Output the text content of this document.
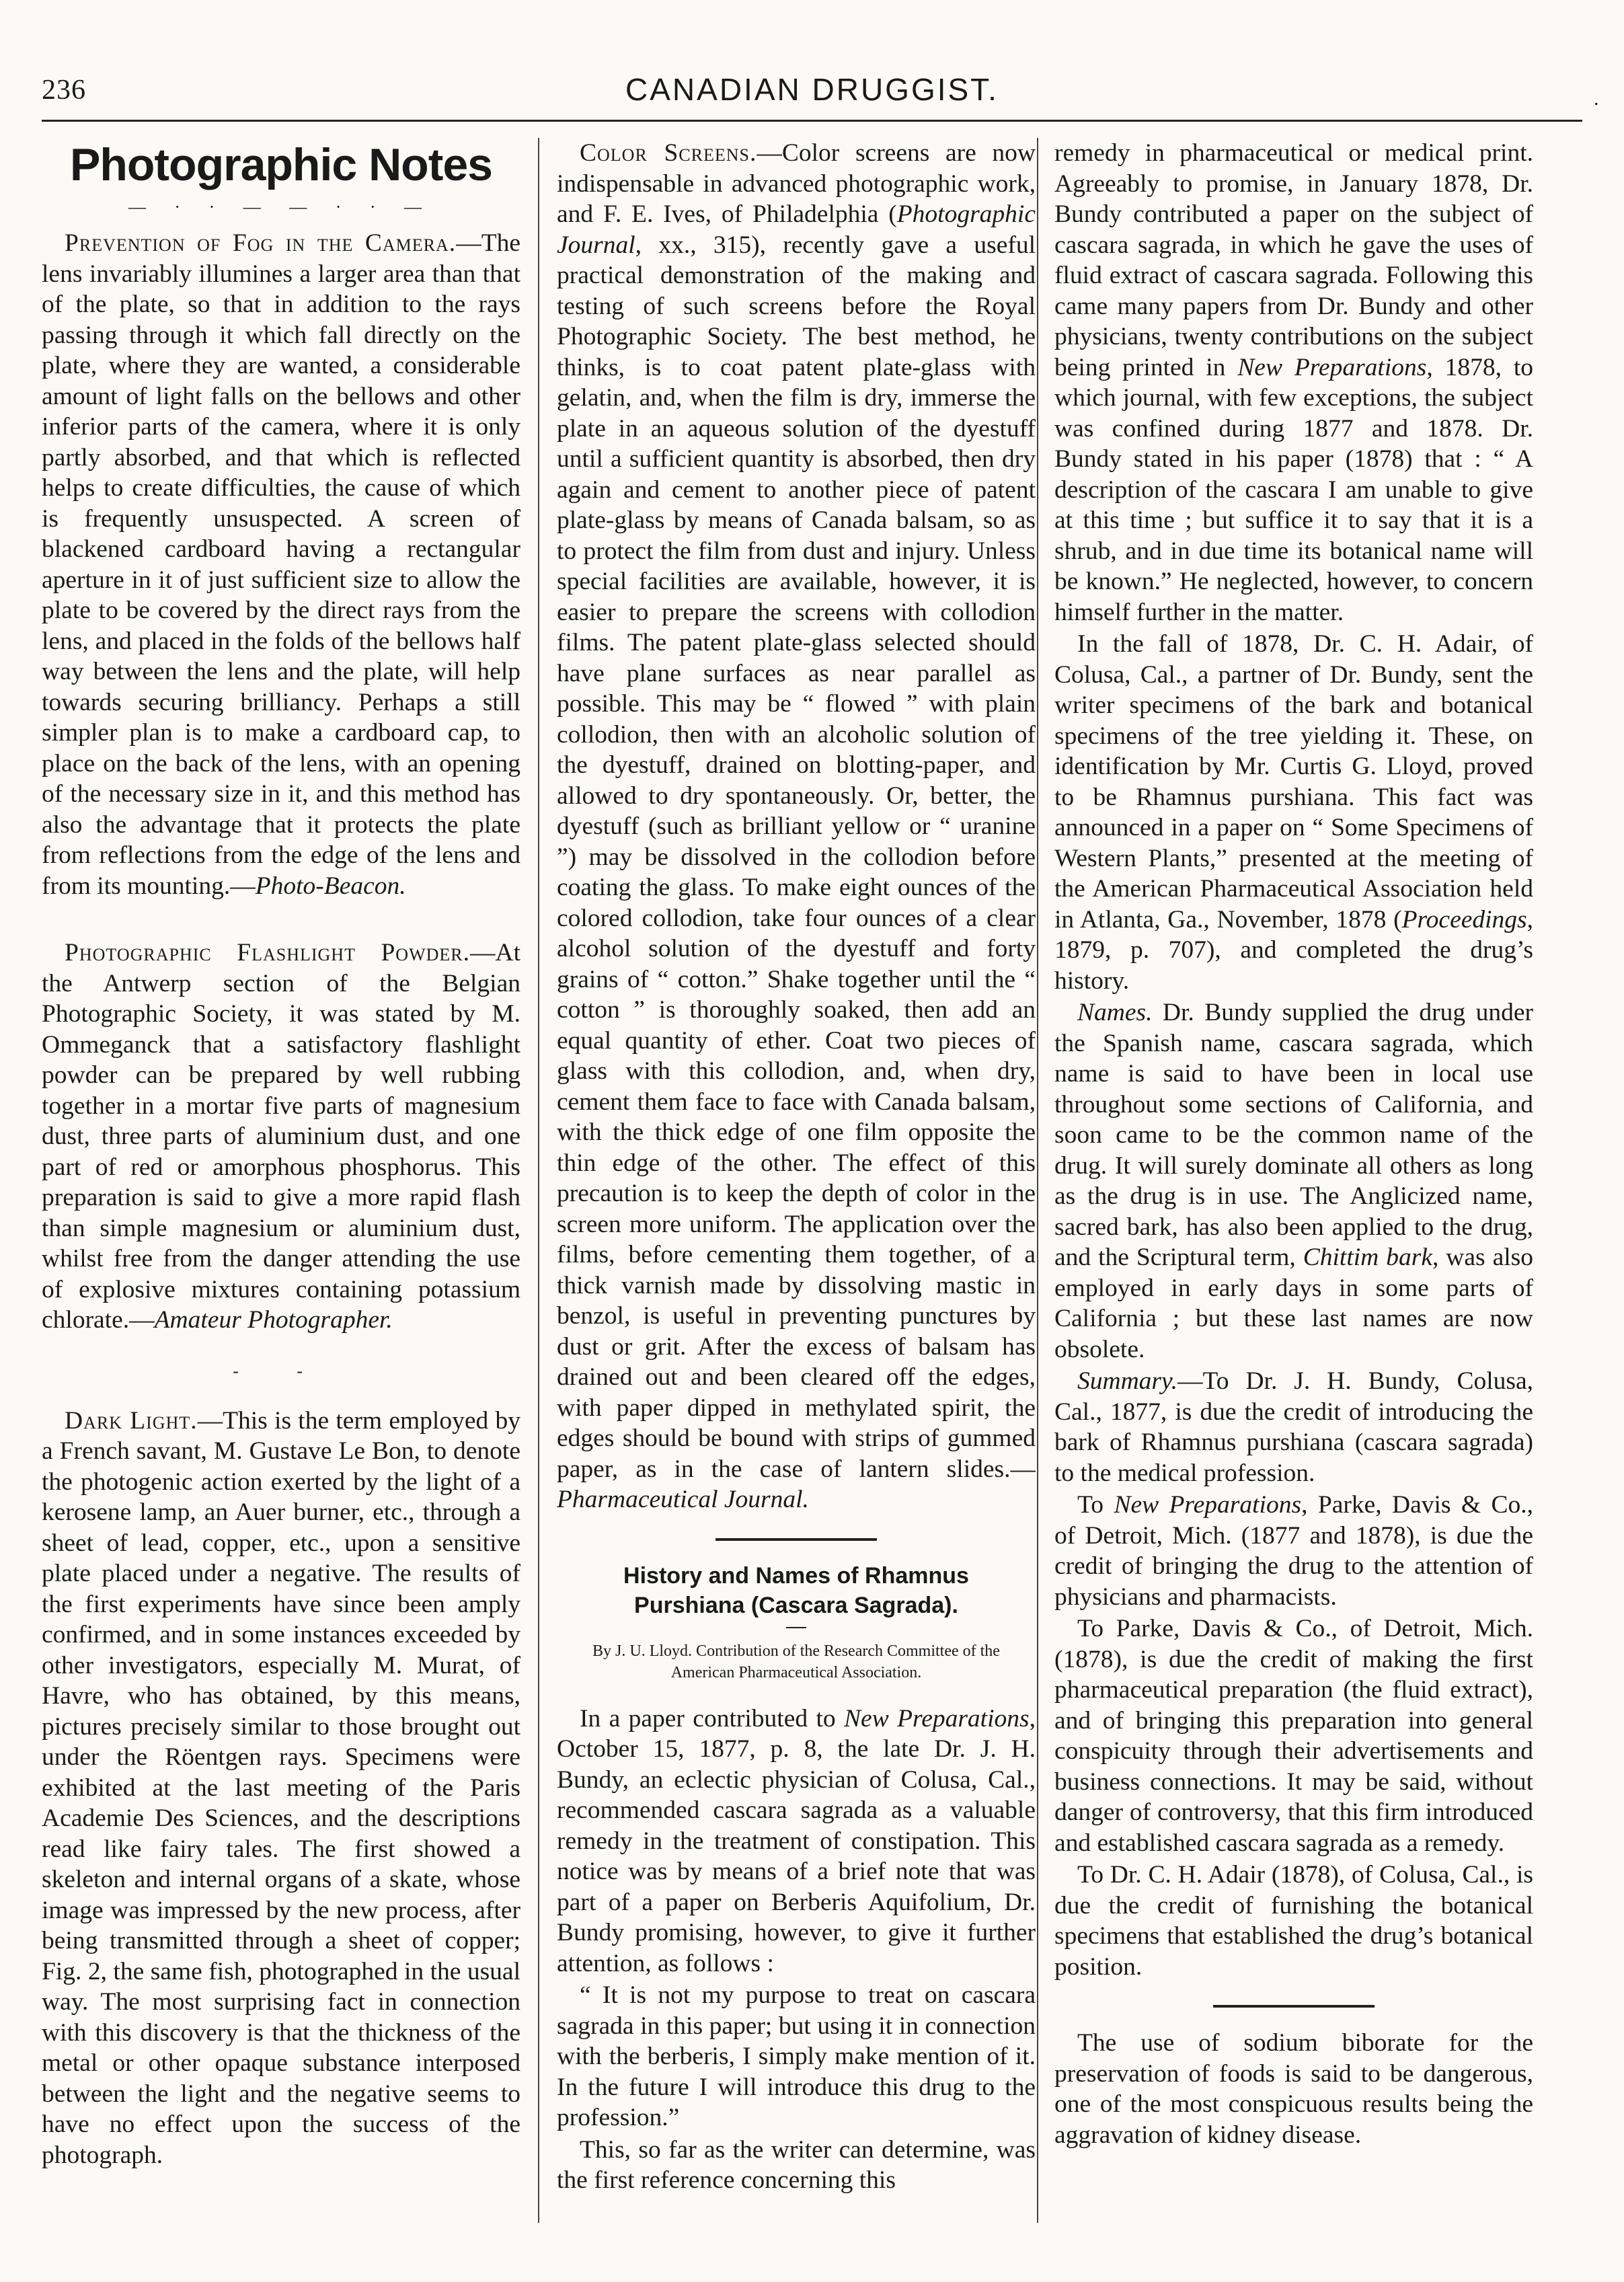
236	CANADIAN DRUGGIST.	.
Photographic Notes
— · · — — · · —

Prevention of Fog in the Camera.—The lens invariably illumines a larger area than that of the plate, so that in addition to the rays passing through it which fall directly on the plate, where they are wanted, a considerable amount of light falls on the bellows and other inferior parts of the camera, where it is only partly absorbed, and that which is reflected helps to create difficulties, the cause of which is frequently unsuspected. A screen of blackened cardboard having a rectangular aperture in it of just sufficient size to allow the plate to be covered by the direct rays from the lens, and placed in the folds of the bellows half way between the lens and the plate, will help towards securing brilliancy. Perhaps a still simpler plan is to make a cardboard cap, to place on the back of the lens, with an opening of the necessary size in it, and this method has also the advantage that it protects the plate from reflections from the edge of the lens and from its mounting.—Photo-Beacon.

Photographic Flashlight Powder.—At the Antwerp section of the Belgian Photographic Society, it was stated by M. Ommeganck that a satisfactory flashlight powder can be prepared by well rubbing together in a mortar five parts of magnesium dust, three parts of aluminium dust, and one part of red or amorphous phosphorus. This preparation is said to give a more rapid flash than simple magnesium or aluminium dust, whilst free from the danger attending the use of explosive mixtures containing potassium chlorate.—Amateur Photographer.

- -

Dark Light.—This is the term employed by a French savant, M. Gustave Le Bon, to denote the photogenic action exerted by the light of a kerosene lamp, an Auer burner, etc., through a sheet of lead, copper, etc., upon a sensitive plate placed under a negative. The results of the first experiments have since been amply confirmed, and in some instances exceeded by other investigators, especially M. Murat, of Havre, who has obtained, by this means, pictures precisely similar to those brought out under the Röentgen rays. Specimens were exhibited at the last meeting of the Paris Academie Des Sciences, and the descriptions read like fairy tales. The first showed a skeleton and internal organs of a skate, whose image was impressed by the new process, after being transmitted through a sheet of copper; Fig. 2, the same fish, photographed in the usual way. The most surprising fact in connection with this discovery is that the thickness of the metal or other opaque substance interposed between the light and the negative seems to have no effect upon the success of the photograph.

Color Screens.—Color screens are now indispensable in advanced photographic work, and F. E. Ives, of Philadelphia (Photographic Journal, xx., 315), recently gave a useful practical demonstration of the making and testing of such screens before the Royal Photographic Society. The best method, he thinks, is to coat patent plate-glass with gelatin, and, when the film is dry, immerse the plate in an aqueous solution of the dyestuff until a sufficient quantity is absorbed, then dry again and cement to another piece of patent plate-glass by means of Canada balsam, so as to protect the film from dust and injury. Unless special facilities are available, however, it is easier to prepare the screens with collodion films. The patent plate-glass selected should have plane surfaces as near parallel as possible. This may be “ flowed ” with plain collodion, then with an alcoholic solution of the dyestuff, drained on blotting-paper, and allowed to dry spontaneously. Or, better, the dyestuff (such as brilliant yellow or “ uranine ”) may be dissolved in the collodion before coating the glass. To make eight ounces of the colored collodion, take four ounces of a clear alcohol solution of the dyestuff and forty grains of “ cotton.” Shake together until the “ cotton ” is thoroughly soaked, then add an equal quantity of ether. Coat two pieces of glass with this collodion, and, when dry, cement them face to face with Canada balsam, with the thick edge of one film opposite the thin edge of the other. The effect of this precaution is to keep the depth of color in the screen more uniform. The application over the films, before cementing them together, of a thick varnish made by dissolving mastic in benzol, is useful in preventing punctures by dust or grit. After the excess of balsam has drained out and been cleared off the edges, with paper dipped in methylated spirit, the edges should be bound with strips of gummed paper, as in the case of lantern slides.—Pharmaceutical Journal.

History and Names of Rhamnus Purshiana (Cascara Sagrada).
By J. U. Lloyd. Contribution of the Research Committee of the American Pharmaceutical Association.

In a paper contributed to New Preparations, October 15, 1877, p. 8, the late Dr. J. H. Bundy, an eclectic physician of Colusa, Cal., recommended cascara sagrada as a valuable remedy in the treatment of constipation. This notice was by means of a brief note that was part of a paper on Berberis Aquifolium, Dr. Bundy promising, however, to give it further attention, as follows :

“ It is not my purpose to treat on cascara sagrada in this paper; but using it in connection with the berberis, I simply make mention of it. In the future I will introduce this drug to the profession.”

This, so far as the writer can determine, was the first reference concerning this

remedy in pharmaceutical or medical print. Agreeably to promise, in January 1878, Dr. Bundy contributed a paper on the subject of cascara sagrada, in which he gave the uses of fluid extract of cascara sagrada. Following this came many papers from Dr. Bundy and other physicians, twenty contributions on the subject being printed in New Preparations, 1878, to which journal, with few exceptions, the subject was confined during 1877 and 1878. Dr. Bundy stated in his paper (1878) that : “ A description of the cascara I am unable to give at this time ; but suffice it to say that it is a shrub, and in due time its botanical name will be known.” He neglected, however, to concern himself further in the matter.

In the fall of 1878, Dr. C. H. Adair, of Colusa, Cal., a partner of Dr. Bundy, sent the writer specimens of the bark and botanical specimens of the tree yielding it. These, on identification by Mr. Curtis G. Lloyd, proved to be Rhamnus purshiana. This fact was announced in a paper on “ Some Specimens of Western Plants,” presented at the meeting of the American Pharmaceutical Association held in Atlanta, Ga., November, 1878 (Proceedings, 1879, p. 707), and completed the drug’s history.

Names. Dr. Bundy supplied the drug under the Spanish name, cascara sagrada, which name is said to have been in local use throughout some sections of California, and soon came to be the common name of the drug. It will surely dominate all others as long as the drug is in use. The Anglicized name, sacred bark, has also been applied to the drug, and the Scriptural term, Chittim bark, was also employed in early days in some parts of California ; but these last names are now obsolete.

Summary.—To Dr. J. H. Bundy, Colusa, Cal., 1877, is due the credit of introducing the bark of Rhamnus purshiana (cascara sagrada) to the medical profession.

To New Preparations, Parke, Davis & Co., of Detroit, Mich. (1877 and 1878), is due the credit of bringing the drug to the attention of physicians and pharmacists.

To Parke, Davis & Co., of Detroit, Mich. (1878), is due the credit of making the first pharmaceutical preparation (the fluid extract), and of bringing this preparation into general conspicuity through their advertisements and business connections. It may be said, without danger of controversy, that this firm introduced and established cascara sagrada as a remedy.

To Dr. C. H. Adair (1878), of Colusa, Cal., is due the credit of furnishing the botanical specimens that established the drug’s botanical position.

The use of sodium biborate for the preservation of foods is said to be dangerous, one of the most conspicuous results being the aggravation of kidney disease.
